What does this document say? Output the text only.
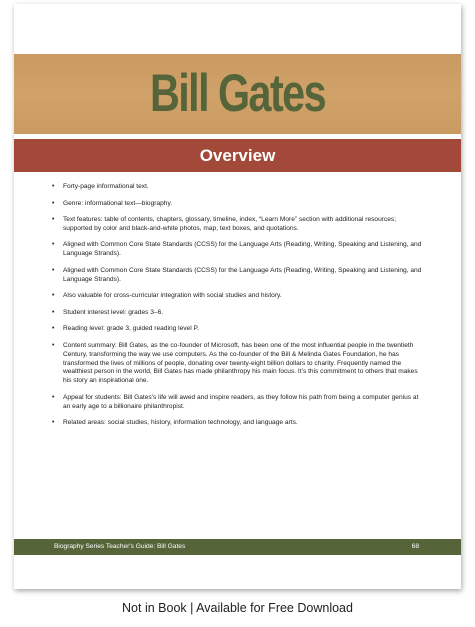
Bill Gates
Overview
• Forty-page informational text.
• Genre: informational text—biography.
• Text features: table of contents, chapters, glossary, timeline, index, “Learn More” section with additional resources; supported by color and black-and-white photos, map, text boxes, and quotations.
• Aligned with Common Core State Standards (CCSS) for the Language Arts (Reading, Writing, Speaking and Listening, and Language Strands).
• Aligned with Common Core State Standards (CCSS) for the Language Arts (Reading, Writing, Speaking and Listening, and Language Strands).
• Also valuable for cross-curricular integration with social studies and history.
• Student interest level: grades 3–6.
• Reading level: grade 3, guided reading level P.
• Content summary: Bill Gates, as the co-founder of Microsoft, has been one of the most influential people in the twentieth Century, transforming the way we use computers. As the co-founder of the Bill & Melinda Gates Foundation, he has transformed the lives of millions of people, donating over twenty-eight billion dollars to charity. Frequently named the wealthiest person in the world, Bill Gates has made philanthropy his main focus. It’s this commitment to others that makes his story an inspirational one.
• Appeal for students: Bill Gates’s life will awed and inspire readers, as they follow his path from being a computer genius at an early age to a billionaire philanthropist.
• Related areas: social studies, history, information technology, and language arts.
Biography Series Teacher's Guide: Bill Gates	68
Not in Book | Available for Free Download
